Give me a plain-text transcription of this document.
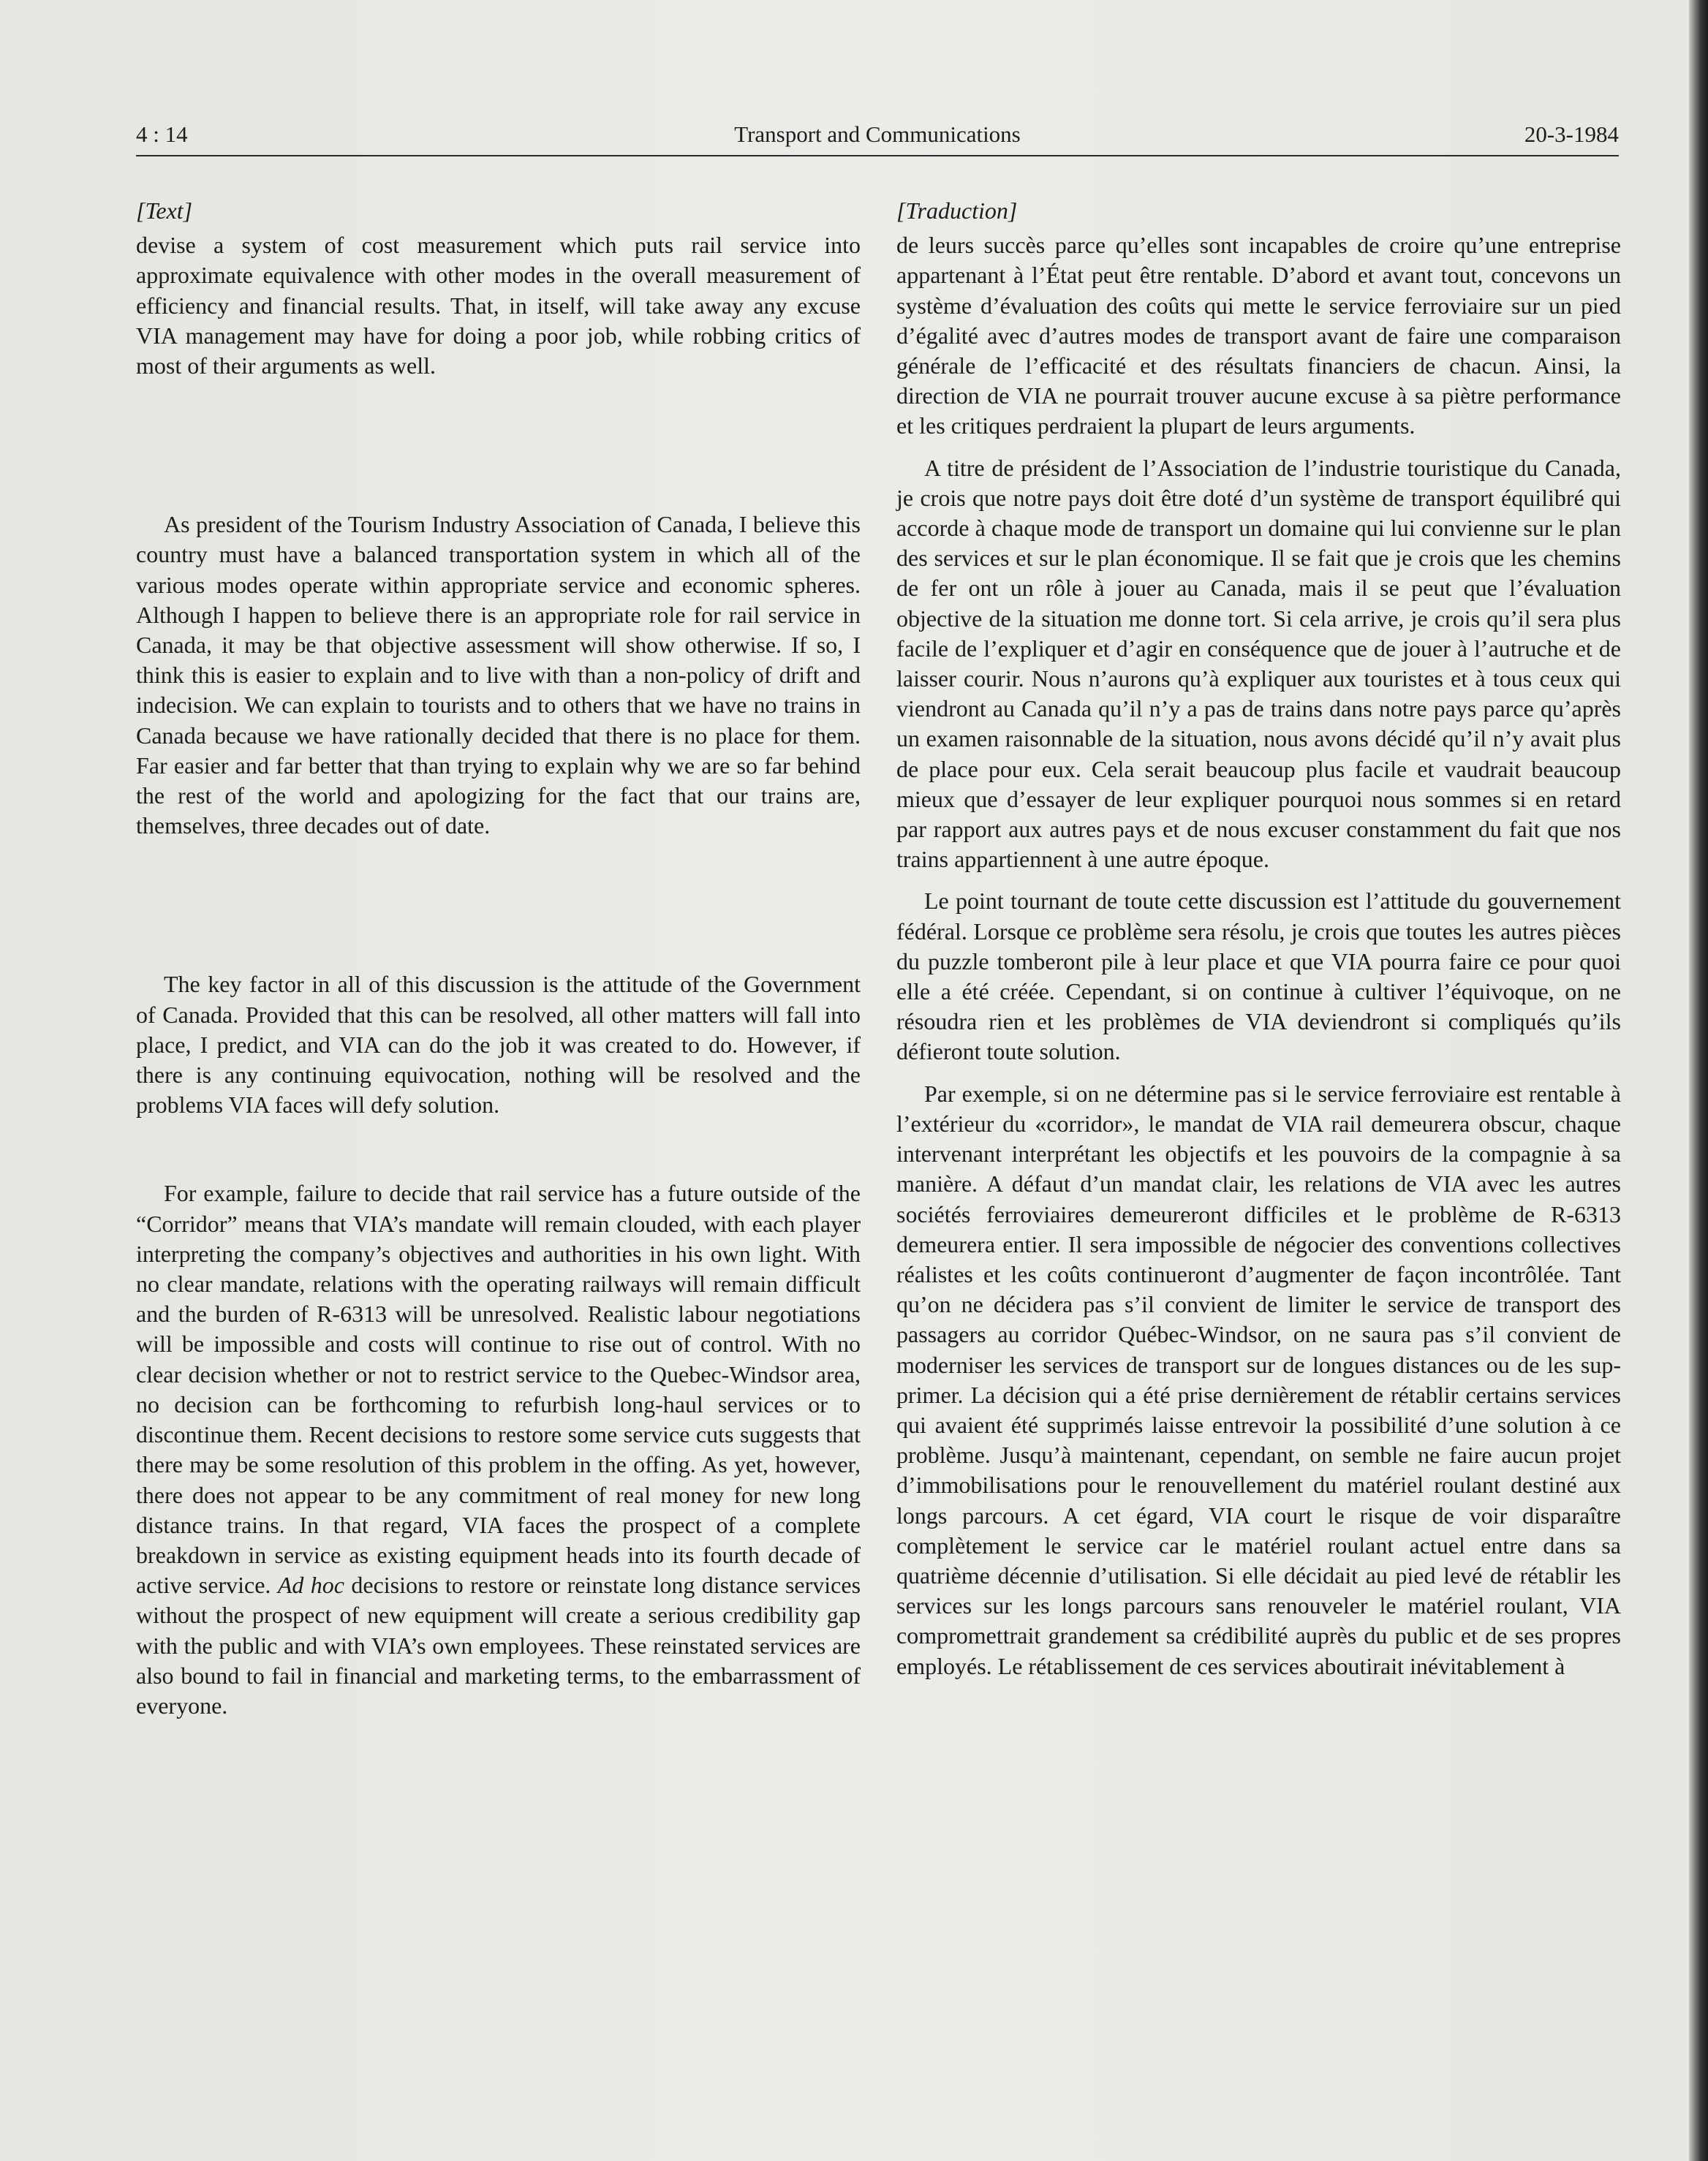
4 : 14	Transport and Communications	20-3-1984
[Text]

devise a system of cost measurement which puts rail service into approximate equivalence with other modes in the overall measurement of efficiency and financial results. That, in itself, will take away any excuse VIA management may have for doing a poor job, while robbing critics of most of their arguments as well.

As president of the Tourism Industry Association of Canada, I believe this country must have a balanced transportation system in which all of the various modes operate within appropriate service and economic spheres. Although I happen to believe there is an appropriate role for rail service in Canada, it may be that objective assessment will show otherwise. If so, I think this is easier to explain and to live with than a non-policy of drift and indecision. We can explain to tourists and to others that we have no trains in Canada because we have rationally decided that there is no place for them. Far easier and far better that than trying to explain why we are so far behind the rest of the world and apologizing for the fact that our trains are, themselves, three decades out of date.

The key factor in all of this discussion is the attitude of the Government of Canada. Provided that this can be resolved, all other matters will fall into place, I predict, and VIA can do the job it was created to do. However, if there is any continuing equivocation, nothing will be resolved and the problems VIA faces will defy solution.

For example, failure to decide that rail service has a future outside of the “Corridor” means that VIA’s mandate will remain clouded, with each player interpreting the company’s objectives and authorities in his own light. With no clear mandate, relations with the operating railways will remain difficult and the burden of R-6313 will be unresolved. Realistic labour negotiations will be impossible and costs will continue to rise out of control. With no clear decision whether or not to restrict service to the Quebec-Windsor area, no decision can be forthcoming to refurbish long-haul services or to discontinue them. Recent decisions to restore some service cuts suggests that there may be some resolution of this problem in the offing. As yet, however, there does not appear to be any commitment of real money for new long distance trains. In that regard, VIA faces the prospect of a complete breakdown in service as existing equipment heads into its fourth decade of active service. Ad hoc decisions to restore or reinstate long distance services without the prospect of new equipment will create a serious credibility gap with the public and with VIA’s own employees. These reinstated services are also bound to fail in financial and marketing terms, to the embarrassment of everyone.

[Traduction]

de leurs succès parce qu’elles sont incapables de croire qu’une entreprise appartenant à l’État peut être rentable. D’abord et avant tout, concevons un système d’évaluation des coûts qui mette le service ferroviaire sur un pied d’égalité avec d’autres modes de transport avant de faire une comparaison générale de l’efficacité et des résultats financiers de chacun. Ainsi, la direction de VIA ne pourrait trouver aucune excuse à sa piètre performance et les critiques perdraient la plupart de leurs arguments.

A titre de président de l’Association de l’industrie touristique du Canada, je crois que notre pays doit être doté d’un système de transport équilibré qui accorde à chaque mode de transport un domaine qui lui convienne sur le plan des services et sur le plan économique. Il se fait que je crois que les chemins de fer ont un rôle à jouer au Canada, mais il se peut que l’évaluation objective de la situation me donne tort. Si cela arrive, je crois qu’il sera plus facile de l’expliquer et d’agir en conséquence que de jouer à l’autruche et de laisser courir. Nous n’aurons qu’à expliquer aux touristes et à tous ceux qui viendront au Canada qu’il n’y a pas de trains dans notre pays parce qu’après un examen raisonnable de la situation, nous avons décidé qu’il n’y avait plus de place pour eux. Cela serait beaucoup plus facile et vaudrait beaucoup mieux que d’essayer de leur expliquer pourquoi nous sommes si en retard par rapport aux autres pays et de nous excuser constamment du fait que nos trains appartiennent à une autre époque.

Le point tournant de toute cette discussion est l’attitude du gouvernement fédéral. Lorsque ce problème sera résolu, je crois que toutes les autres pièces du puzzle tomberont pile à leur place et que VIA pourra faire ce pour quoi elle a été créée. Cependant, si on continue à cultiver l’équivoque, on ne résoudra rien et les problèmes de VIA deviendront si compliqués qu’ils défieront toute solution.

Par exemple, si on ne détermine pas si le service ferroviaire est rentable à l’extérieur du «corridor», le mandat de VIA rail demeurera obscur, chaque intervenant interprétant les objectifs et les pouvoirs de la compagnie à sa manière. A défaut d’un mandat clair, les relations de VIA avec les autres sociétés ferroviaires demeureront difficiles et le problème de R-6313 demeurera entier. Il sera impossible de négocier des conventions collectives réalistes et les coûts continueront d’augmenter de façon incontrôlée. Tant qu’on ne décidera pas s’il convient de limiter le service de transport des passagers au corridor Québec-Windsor, on ne saura pas s’il convient de moderniser les services de transport sur de longues distances ou de les supprimer. La décision qui a été prise dernièrement de rétablir certains services qui avaient été supprimés laisse entrevoir la possibilité d’une solution à ce problème. Jusqu’à maintenant, cependant, on semble ne faire aucun projet d’immobilisations pour le renouvellement du matériel roulant destiné aux longs parcours. A cet égard, VIA court le risque de voir disparaître complètement le service car le matériel roulant actuel entre dans sa quatrième décennie d’utilisation. Si elle décidait au pied levé de rétablir les services sur les longs parcours sans renouveler le matériel roulant, VIA compromettrait grandement sa crédibilité auprès du public et de ses propres employés. Le rétablissement de ces services aboutirait inévitablement à
